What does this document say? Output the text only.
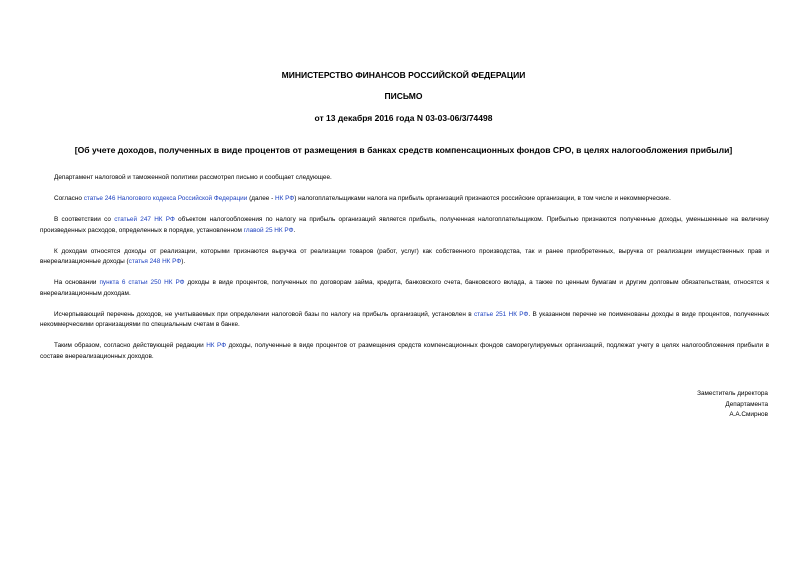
МИНИСТЕРСТВО ФИНАНСОВ РОССИЙСКОЙ ФЕДЕРАЦИИ
ПИСЬМО
от 13 декабря 2016 года N 03-03-06/3/74498
[Об учете доходов, полученных в виде процентов от размещения в банках средств компенсационных фондов СРО, в целях налогообложения прибыли]

Департамент налоговой и таможенной политики рассмотрел письмо и сообщает следующее.

Согласно статье 246 Налогового кодекса Российской Федерации (далее - НК РФ) налогоплательщиками налога на прибыль организаций признаются российские организации, в том числе и некоммерческие.

В соответствии со статьей 247 НК РФ объектом налогообложения по налогу на прибыль организаций является прибыль, полученная налогоплательщиком. Прибылью признаются полученные доходы, уменьшенные на величину произведенных расходов, определенных в порядке, установленном главой 25 НК РФ.

К доходам относятся доходы от реализации, которыми признаются выручка от реализации товаров (работ, услуг) как собственного производства, так и ранее приобретенных, выручка от реализации имущественных прав и внереализационные доходы (статья 248 НК РФ).

На основании пункта 6 статьи 250 НК РФ доходы в виде процентов, полученных по договорам займа, кредита, банковского счета, банковского вклада, а также по ценным бумагам и другим долговым обязательствам, относятся к внереализационным доходам.

Исчерпывающий перечень доходов, не учитываемых при определении налоговой базы по налогу на прибыль организаций, установлен в статье 251 НК РФ. В указанном перечне не поименованы доходы в виде процентов, полученных некоммерческими организациями по специальным счетам в банке.

Таким образом, согласно действующей редакции НК РФ доходы, полученные в виде процентов от размещения средств компенсационных фондов саморегулируемых организаций, подлежат учету в целях налогообложения прибыли в составе внереализационных доходов.

Заместитель директора
Департамента
А.А.Смирнов
